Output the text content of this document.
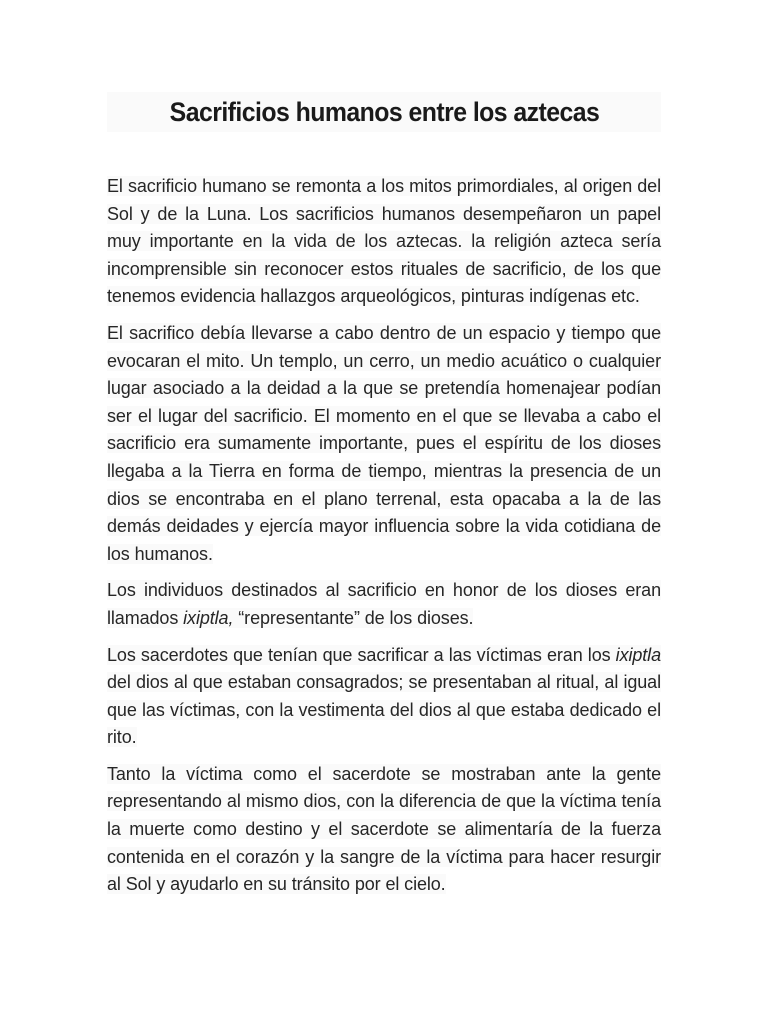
Sacrificios humanos entre los aztecas

El sacrificio humano se remonta a los mitos primordiales, al origen del Sol y de la Luna. Los sacrificios humanos desempeñaron un papel muy importante en la vida de los aztecas. la religión azteca sería incomprensible sin reconocer estos rituales de sacrificio, de los que tenemos evidencia hallazgos arqueológicos, pinturas indígenas etc.

El sacrifico debía llevarse a cabo dentro de un espacio y tiempo que evocaran el mito. Un templo, un cerro, un medio acuático o cualquier lugar asociado a la deidad a la que se pretendía homenajear podían ser el lugar del sacrificio. El momento en el que se llevaba a cabo el sacrificio era sumamente importante, pues el espíritu de los dioses llegaba a la Tierra en forma de tiempo, mientras la presencia de un dios se encontraba en el plano terrenal, esta opacaba a la de las demás deidades y ejercía mayor influencia sobre la vida cotidiana de los humanos.

Los individuos destinados al sacrificio en honor de los dioses eran llamados ixiptla, “representante” de los dioses.

Los sacerdotes que tenían que sacrificar a las víctimas eran los ixiptla del dios al que estaban consagrados; se presentaban al ritual, al igual que las víctimas, con la vestimenta del dios al que estaba dedicado el rito.

Tanto la víctima como el sacerdote se mostraban ante la gente representando al mismo dios, con la diferencia de que la víctima tenía la muerte como destino y el sacerdote se alimentaría de la fuerza contenida en el corazón y la sangre de la víctima para hacer resurgir al Sol y ayudarlo en su tránsito por el cielo.
